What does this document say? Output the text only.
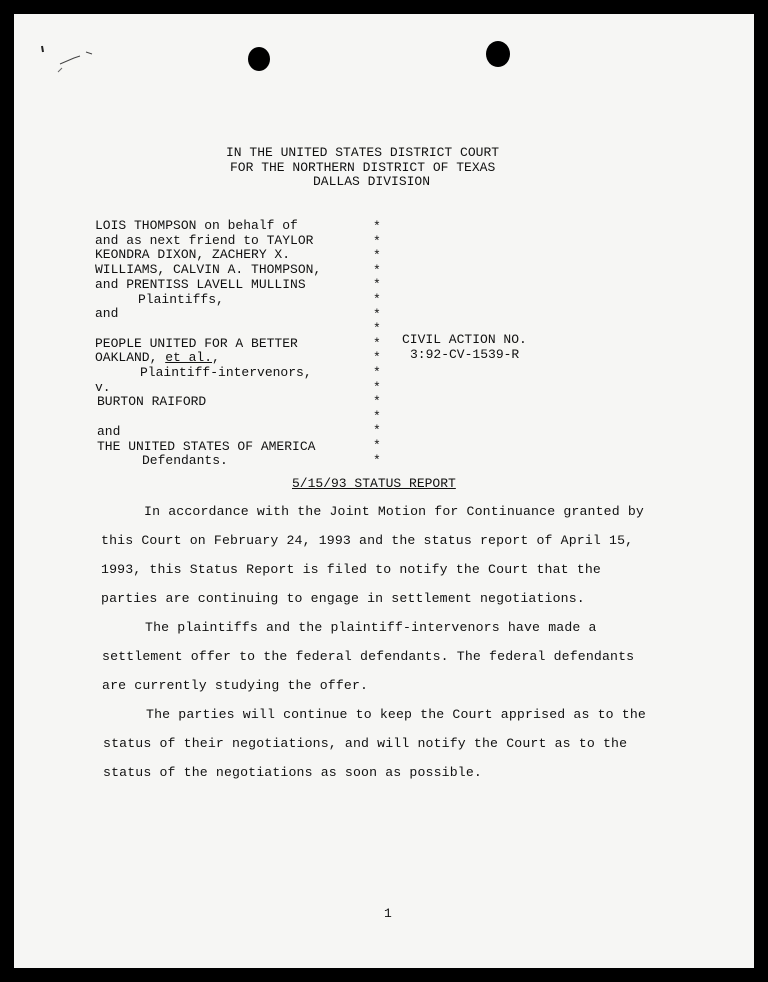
IN THE UNITED STATES DISTRICT COURT
FOR THE NORTHERN DISTRICT OF TEXAS
DALLAS DIVISION
LOIS THOMPSON on behalf of
and as next friend to TAYLOR
KEONDRA DIXON, ZACHERY X.
WILLIAMS, CALVIN A. THOMPSON,
and PRENTISS LAVELL MULLINS
Plaintiffs,
and
PEOPLE UNITED FOR A BETTER
OAKLAND, et al.,
Plaintiff-intervenors,
v.
BURTON RAIFORD
and
THE UNITED STATES OF AMERICA
Defendants.
*
*
*
*
*
*
*
*
*
*
*
*
*
*
*
*
*
CIVIL ACTION NO.
3:92-CV-1539-R
5/15/93 STATUS REPORT
In accordance with the Joint Motion for Continuance granted by
this Court on February 24, 1993 and the status report of April 15,
1993, this Status Report is filed to notify the Court that the
parties are continuing to engage in settlement negotiations.
The plaintiffs and the plaintiff-intervenors have made a
settlement offer to the federal defendants. The federal defendants
are currently studying the offer.
The parties will continue to keep the Court apprised as to the
status of their negotiations, and will notify the Court as to the
status of the negotiations as soon as possible.
1
